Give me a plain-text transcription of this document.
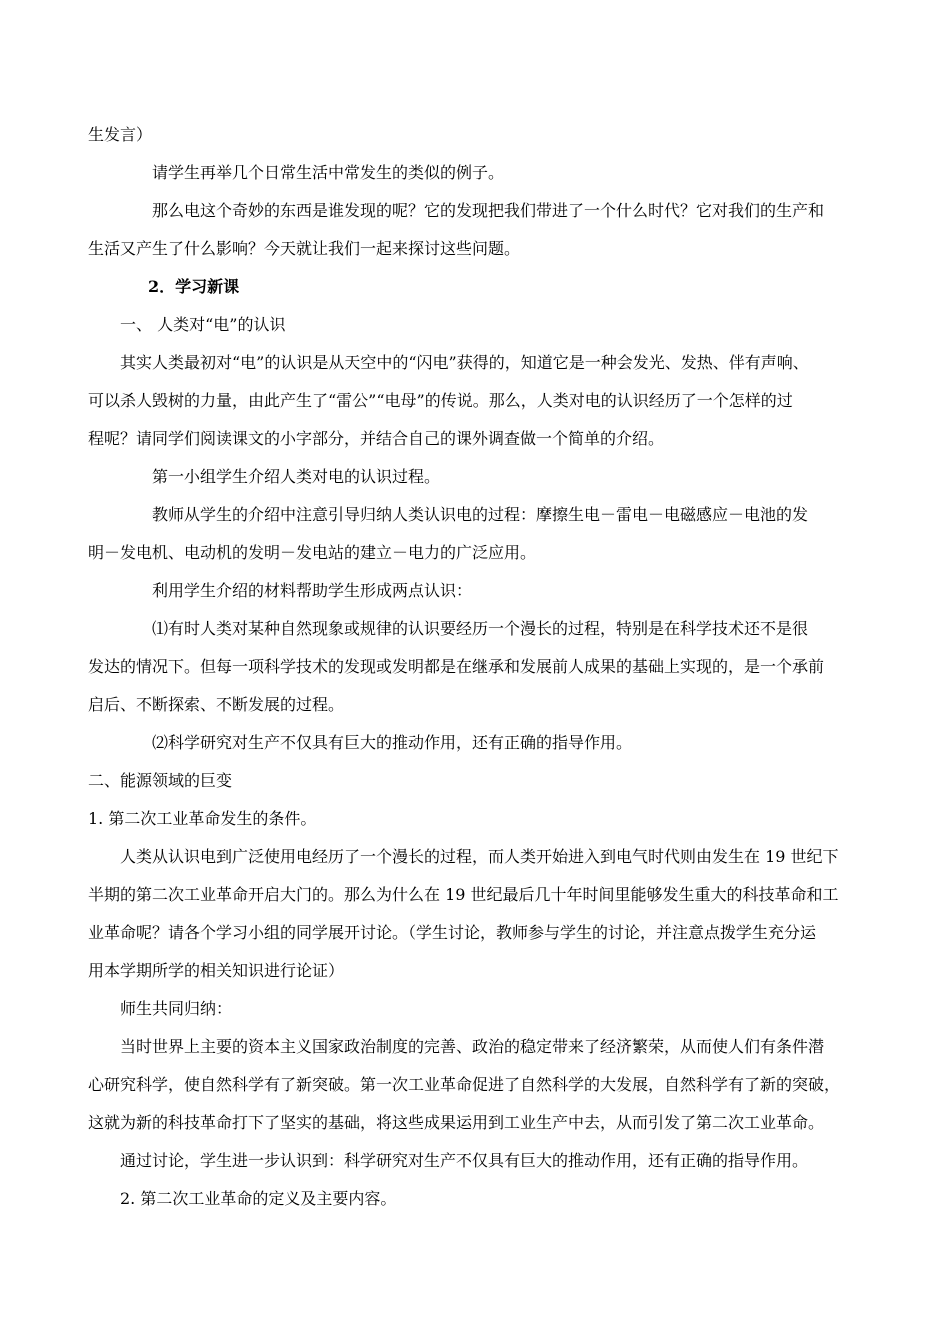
生发言）
请学生再举几个日常生活中常发生的类似的例子。
那么电这个奇妙的东西是谁发现的呢？它的发现把我们带进了一个什么时代？它对我们的生产和
生活又产生了什么影响？今天就让我们一起来探讨这些问题。
2．学习新课
一、 人类对“电”的认识
其实人类最初对“电”的认识是从天空中的“闪电”获得的，知道它是一种会发光、发热、伴有声响、
可以杀人毁树的力量，由此产生了“雷公”“电母”的传说。那么，人类对电的认识经历了一个怎样的过
程呢？请同学们阅读课文的小字部分，并结合自己的课外调查做一个简单的介绍。
第一小组学生介绍人类对电的认识过程。
教师从学生的介绍中注意引导归纳人类认识电的过程：摩擦生电－雷电－电磁感应－电池的发
明－发电机、电动机的发明－发电站的建立－电力的广泛应用。
利用学生介绍的材料帮助学生形成两点认识：
⑴有时人类对某种自然现象或规律的认识要经历一个漫长的过程，特别是在科学技术还不是很
发达的情况下。但每一项科学技术的发现或发明都是在继承和发展前人成果的基础上实现的，是一个承前
启后、不断探索、不断发展的过程。
⑵科学研究对生产不仅具有巨大的推动作用，还有正确的指导作用。
二、能源领域的巨变
1. 第二次工业革命发生的条件。
人类从认识电到广泛使用电经历了一个漫长的过程，而人类开始进入到电气时代则由发生在 19 世纪下
半期的第二次工业革命开启大门的。那么为什么在 19 世纪最后几十年时间里能够发生重大的科技革命和工
业革命呢？请各个学习小组的同学展开讨论。（学生讨论，教师参与学生的讨论，并注意点拨学生充分运
用本学期所学的相关知识进行论证）
师生共同归纳：
当时世界上主要的资本主义国家政治制度的完善、政治的稳定带来了经济繁荣，从而使人们有条件潜
心研究科学，使自然科学有了新突破。第一次工业革命促进了自然科学的大发展，自然科学有了新的突破，
这就为新的科技革命打下了坚实的基础，将这些成果运用到工业生产中去，从而引发了第二次工业革命。
通过讨论，学生进一步认识到：科学研究对生产不仅具有巨大的推动作用，还有正确的指导作用。
2. 第二次工业革命的定义及主要内容。
